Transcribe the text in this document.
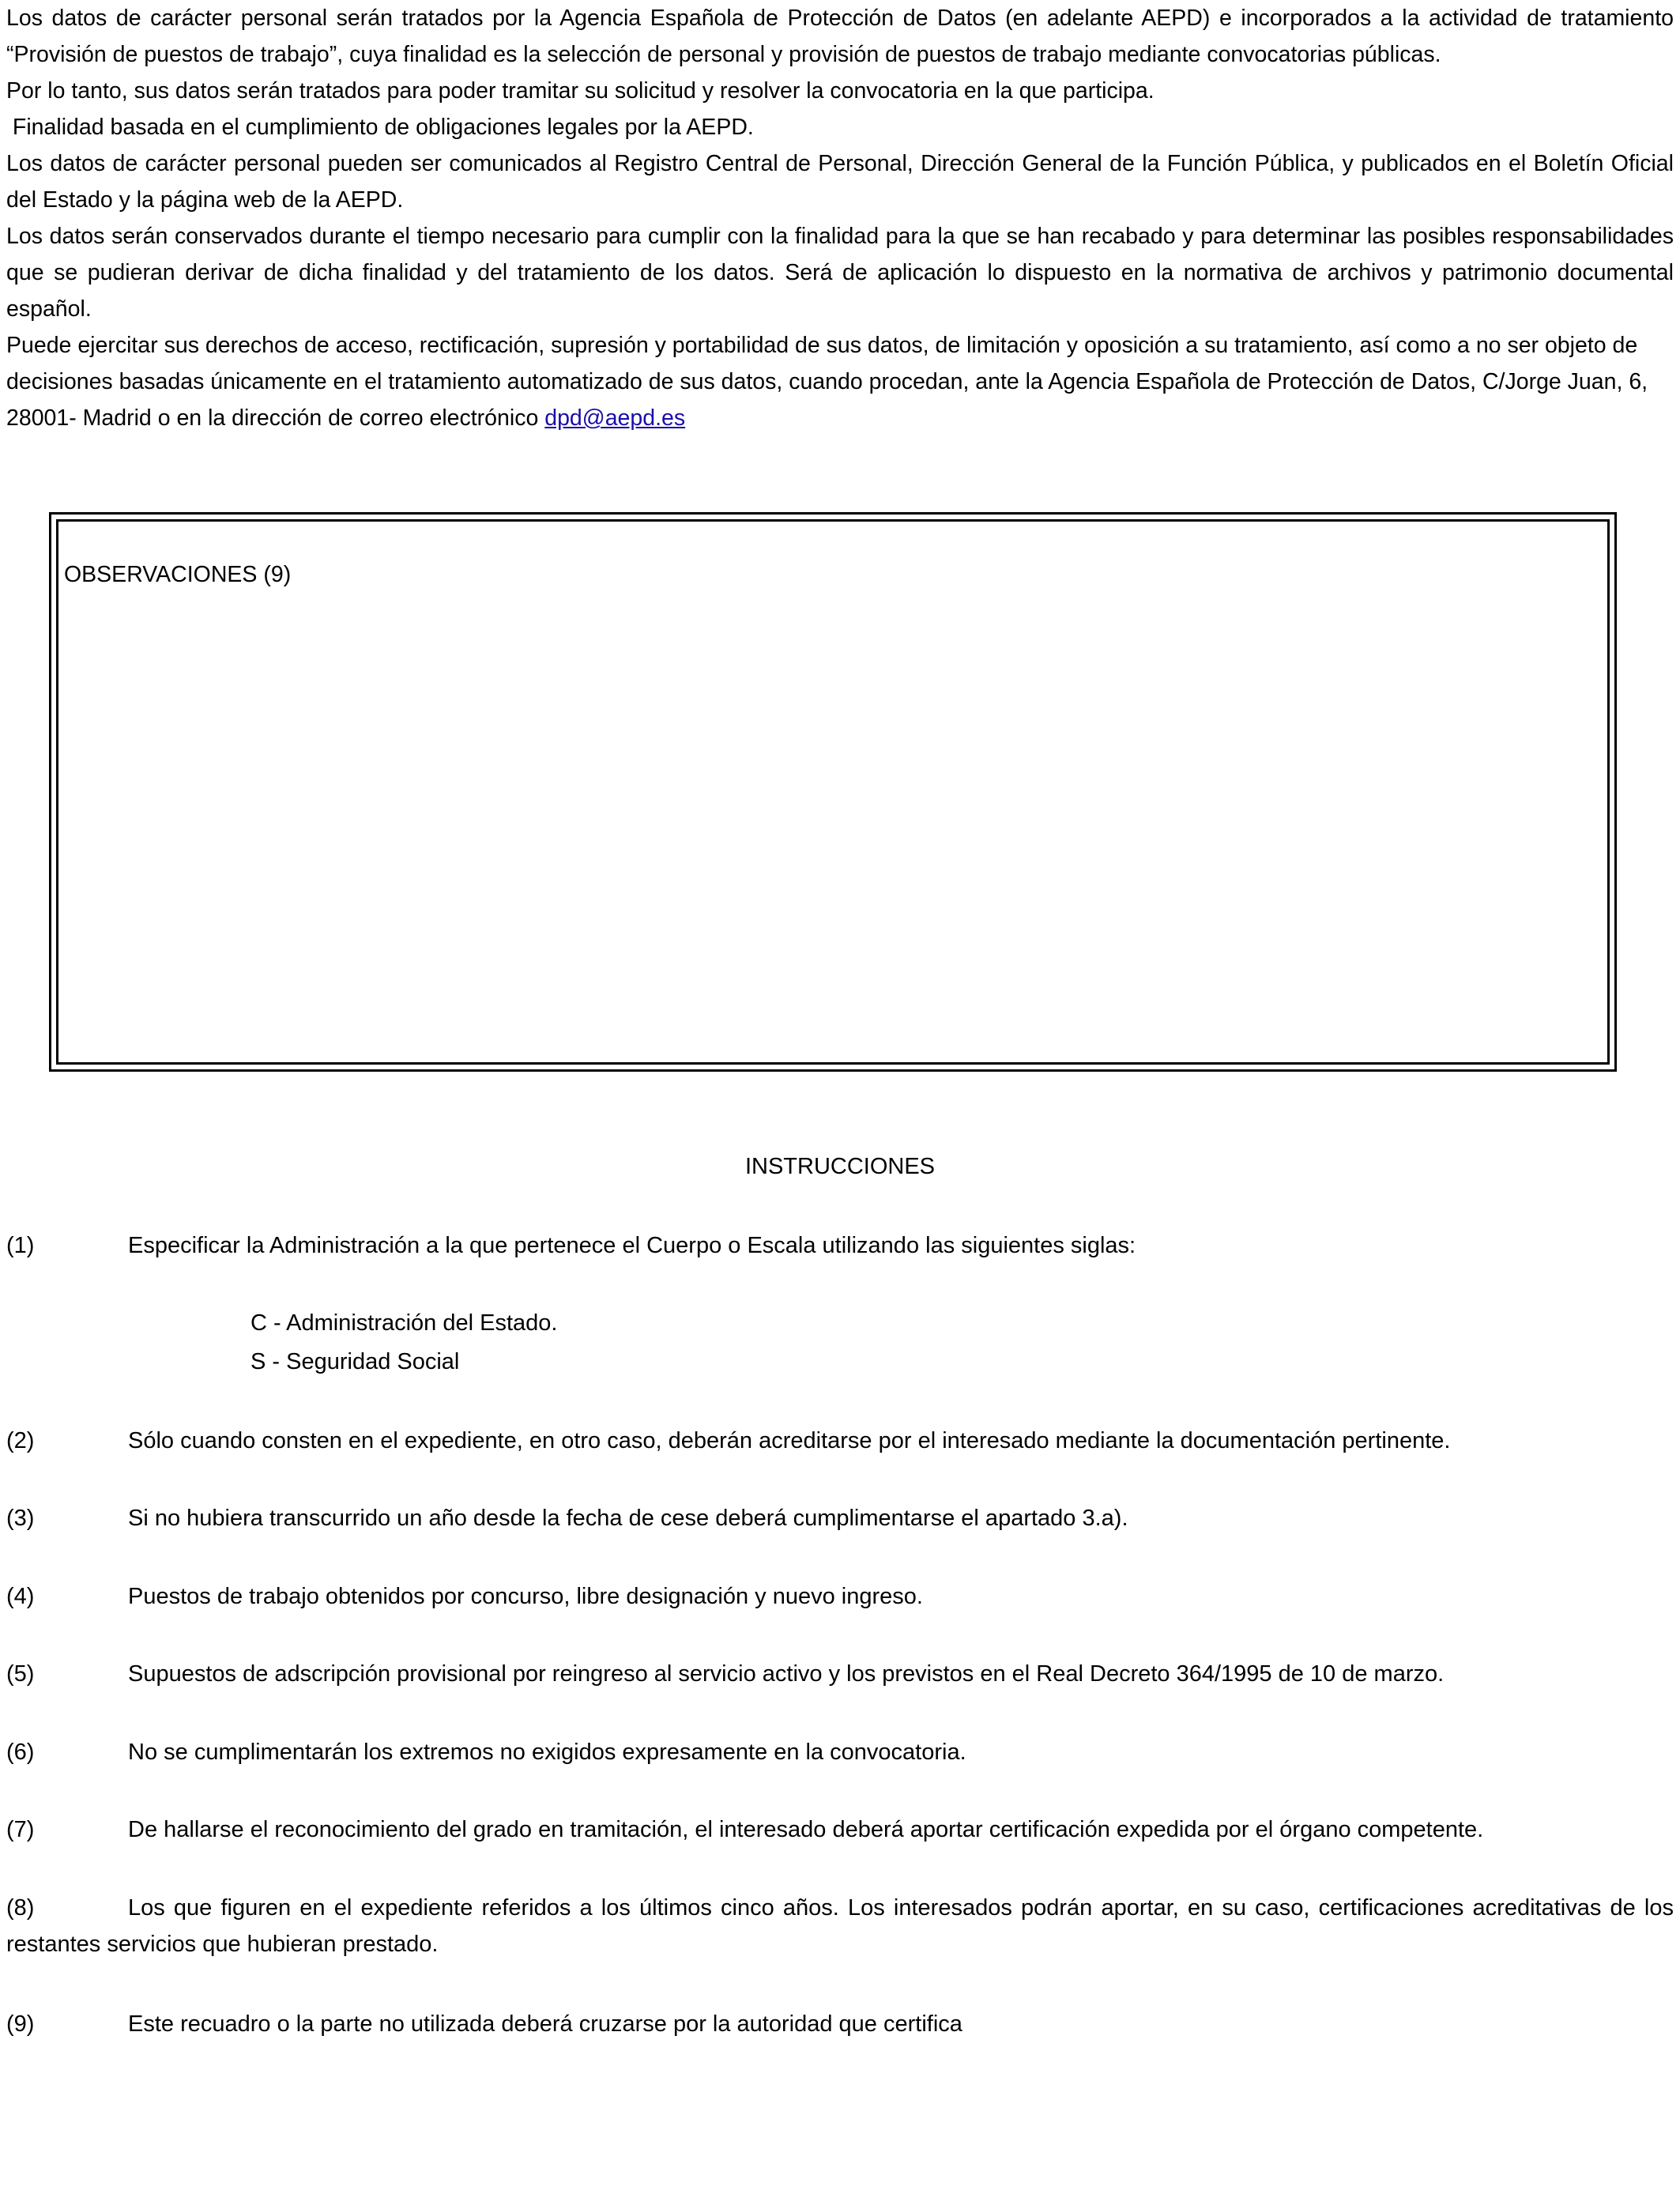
Los datos de carácter personal serán tratados por la Agencia Española de Protección de Datos (en adelante AEPD) e incorporados a la actividad de tratamiento “Provisión de puestos de trabajo”, cuya finalidad es la selección de personal y provisión de puestos de trabajo mediante convocatorias públicas.

Por lo tanto, sus datos serán tratados para poder tramitar su solicitud y resolver la convocatoria en la que participa.

Finalidad basada en el cumplimiento de obligaciones legales por la AEPD.

Los datos de carácter personal pueden ser comunicados al Registro Central de Personal, Dirección General de la Función Pública, y publicados en el Boletín Oficial del Estado y la página web de la AEPD.

Los datos serán conservados durante el tiempo necesario para cumplir con la finalidad para la que se han recabado y para determinar las posibles responsabilidades que se pudieran derivar de dicha finalidad y del tratamiento de los datos. Será de aplicación lo dispuesto en la normativa de archivos y patrimonio documental español.

Puede ejercitar sus derechos de acceso, rectificación, supresión y portabilidad de sus datos, de limitación y oposición a su tratamiento, así como a no ser objeto de decisiones basadas únicamente en el tratamiento automatizado de sus datos, cuando procedan, ante la Agencia Española de Protección de Datos, C/Jorge Juan, 6, 28001- Madrid o en la dirección de correo electrónico dpd@aepd.es

OBSERVACIONES (9)
INSTRUCCIONES
(1)	Especificar la Administración a la que pertenece el Cuerpo o Escala utilizando las siguientes siglas:
C - Administración del Estado.
S - Seguridad Social
(2)	Sólo cuando consten en el expediente, en otro caso, deberán acreditarse por el interesado mediante la documentación pertinente.
(3)	Si no hubiera transcurrido un año desde la fecha de cese deberá cumplimentarse el apartado 3.a).
(4)	Puestos de trabajo obtenidos por concurso, libre designación y nuevo ingreso.
(5)	Supuestos de adscripción provisional por reingreso al servicio activo y los previstos en el Real Decreto 364/1995 de 10 de marzo.
(6)	No se cumplimentarán los extremos no exigidos expresamente en la convocatoria.
(7)	De hallarse el reconocimiento del grado en tramitación, el interesado deberá aportar certificación expedida por el órgano competente.
(8)	Los que figuren en el expediente referidos a los últimos cinco años. Los interesados podrán aportar, en su caso, certificaciones acreditativas de los restantes servicios que hubieran prestado.
(9)	Este recuadro o la parte no utilizada deberá cruzarse por la autoridad que certifica
